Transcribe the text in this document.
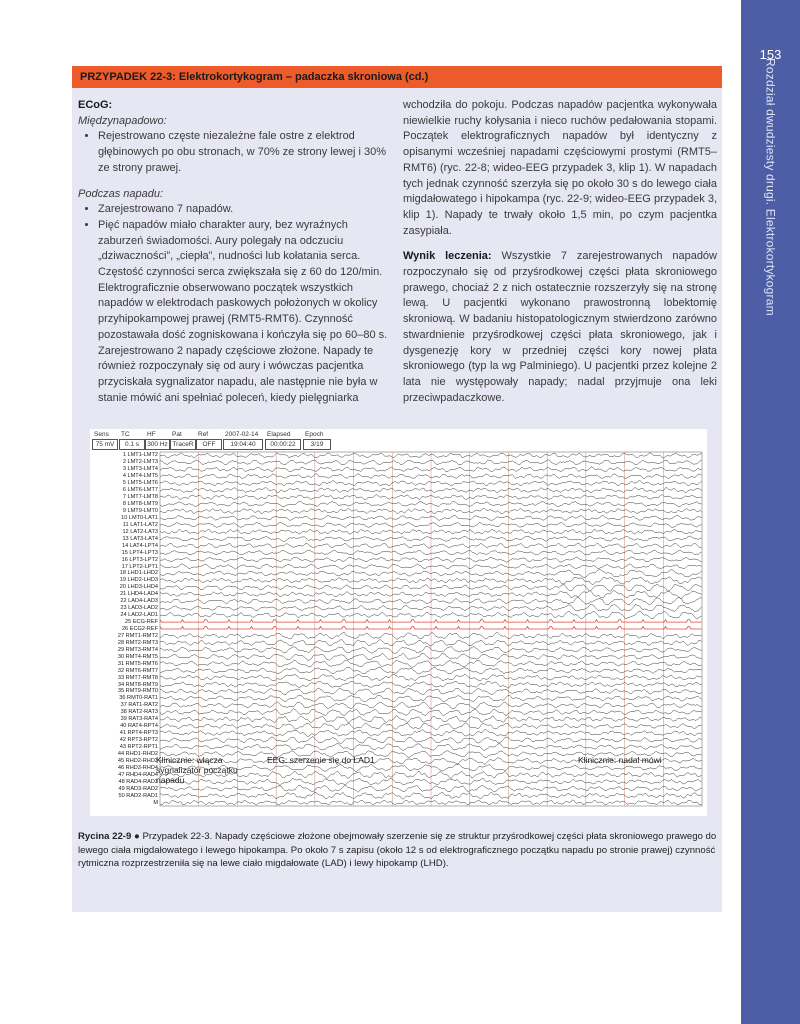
153
Rozdział dwudziesty drugi. Elektrokortykogram
PRZYPADEK 22-3: Elektrokortykogram – padaczka skroniowa (cd.)

ECoG:

Międzynapadowo:

• Rejestrowano częste niezależne fale ostre z elektrod głębinowych po obu stronach, w 70% ze strony lewej i 30% ze strony prawej.

Podczas napadu:

• Zarejestrowano 7 napadów.
• Pięć napadów miało charakter aury, bez wyraźnych zaburzeń świadomości. Aury polegały na odczuciu „dziwaczności”, „ciepła”, nudności lub kołatania serca. Częstość czynności serca zwiększała się z 60 do 120/min. Elektrograficznie obserwowano początek wszystkich napadów w elektrodach paskowych położonych w okolicy przyhipokampowej prawej (RMT5-RMT6). Czynność pozostawała dość zogniskowana i kończyła się po 60–80 s. Zarejestrowano 2 napady częściowe złożone. Napady te również rozpoczynały się od aury i wówczas pacjentka przyciskała sygnalizator napadu, ale następnie nie była w stanie mówić ani spełniać poleceń, kiedy pielęgniarka

wchodziła do pokoju. Podczas napadów pacjentka wykonywała niewielkie ruchy kołysania i nieco ruchów pedałowania stopami. Początek elektrograficznych napadów był identyczny z opisanymi wcześniej napadami częściowymi prostymi (RMT5–RMT6) (ryc. 22-8; wideo-EEG przypadek 3, klip 1). W napadach tych jednak czynność szerzyła się po około 30 s do lewego ciała migdałowatego i hipokampa (ryc. 22-9; wideo-EEG przypadek 3, klip 1). Napady te trwały około 1,5 min, po czym pacjentka zasypiała.

Wynik leczenia: Wszystkie 7 zarejestrowanych napadów rozpoczynało się od przyśrodkowej części płata skroniowego prawego, chociaż 2 z nich ostatecznie rozszerzyły się na stronę lewą. U pacjentki wykonano prawostronną lobektomię skroniową. W badaniu histopatologicznym stwierdzono zarówno stwardnienie przyśrodkowej części płata skroniowego, jak i dysgenezję kory w przedniej części kory nowej płata skroniowego (typ la wg Palminiego). U pacjentki przez kolejne 2 lata nie występowały napady; nadal przyjmuje ona leki przeciwpadaczkowe.

Sens
75 mV
TC
0.1 s
HF
300 Hz
Pat
TraceR
Ref
OFF
2007-02-14
19:04:40
Elapsed
00:00:22
Epoch
3/19
1 LMT1-LMT2
2 LMT2-LMT3
3 LMT3-LMT4
4 LMT4-LMT5
5 LMT5-LMT6
6 LMT6-LMT7
7 LMT7-LMT8
8 LMT8-LMT9
9 LMT9-LMT0
10 LMT0-LAT1
11 LAT1-LAT2
12 LAT2-LAT3
13 LAT3-LAT4
14 LAT4-LPT4
15 LPT4-LPT3
16 LPT3-LPT2
17 LPT2-LPT1
18 LHD1-LHD2
19 LHD2-LHD3
20 LHD3-LHD4
21 LHD4-LAD4
22 LAD4-LAD3
23 LAD3-LAD2
24 LAD2-LAD1
25 ECG-REF
26 ECG2-REF
27 RMT1-RMT2
28 RMT2-RMT3
29 RMT3-RMT4
30 RMT4-RMT5
31 RMT5-RMT6
32 RMT6-RMT7
33 RMT7-RMT8
34 RMT8-RMT9
35 RMT9-RMT0
36 RMT0-RAT1
37 RAT1-RAT2
38 RAT2-RAT3
39 RAT3-RAT4
40 RAT4-RPT4
41 RPT4-RPT3
42 RPT3-RPT2
43 RPT2-RPT1
44 RHD1-RHD2
45 RHD2-RHD3
46 RHD3-RHD4
47 RHD4-RAD4
48 RAD4-RAD3
49 RAD3-RAD2
50 RAD2-RAD1
M
Klinicznie: włącza sygnalizator początku napadu
EEG: szerzenie się do LAD1	Klinicznie: nadal mówi
Rycina 22-9 ● Przypadek 22-3. Napady częściowe złożone obejmowały szerzenie się ze struktur przyśrodkowej części płata skroniowego prawego do lewego ciała migdałowatego i lewego hipokampa. Po około 7 s zapisu (około 12 s od elektrograficznego początku napadu po stronie prawej) czynność rytmiczna rozprzestrzeniła się na lewe ciało migdałowate (LAD) i lewy hipokamp (LHD).
